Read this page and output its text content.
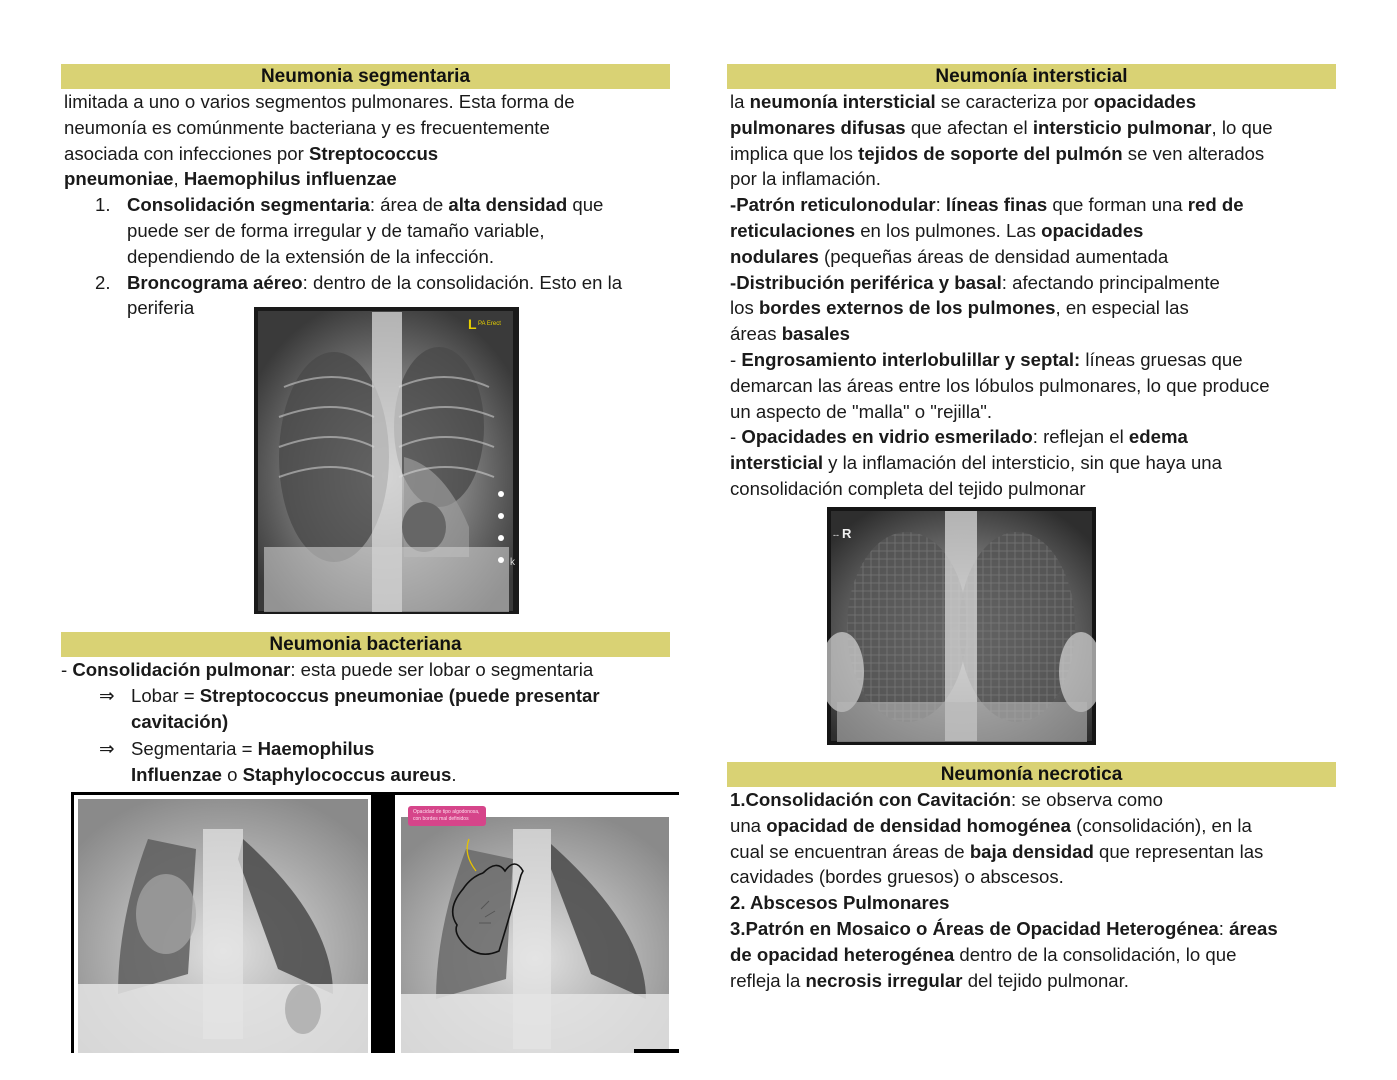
Neumonia segmentaria

limitada a uno o varios segmentos pulmonares. Esta forma de

neumonía es comúnmente bacteriana y es frecuentemente

asociada con infecciones por Streptococcus

pneumoniae, Haemophilus influenzae

1. Consolidación segmentaria: área de alta densidad que
puede ser de forma irregular y de tamaño variable,
dependiendo de la extensión de la infección.
2. Broncograma aéreo: dentro de la consolidación. Esto en la
periferia
L PA Erect
k
Neumonia bacteriana

- Consolidación pulmonar: esta puede ser lobar o segmentaria

⇒ Lobar = Streptococcus pneumoniae (puede presentar
cavitación)
⇒ Segmentaria = Haemophilus
Influenzae o Staphylococcus aureus.
Opacidad de tipo algodonosa, con bordes mal definidos
Neumonía intersticial

la neumonía intersticial se caracteriza por opacidades

pulmonares difusas que afectan el intersticio pulmonar, lo que

implica que los tejidos de soporte del pulmón se ven alterados

por la inflamación.

-Patrón reticulonodular: líneas finas que forman una red de

reticulaciones en los pulmones. Las opacidades

nodulares (pequeñas áreas de densidad aumentada

-Distribución periférica y basal: afectando principalmente

los bordes externos de los pulmones, en especial las

áreas basales

- Engrosamiento interlobulillar y septal: líneas gruesas que

demarcan las áreas entre los lóbulos pulmonares, lo que produce

un aspecto de "malla" o "rejilla".

- Opacidades en vidrio esmerilado: reflejan el edema

intersticial y la inflamación del intersticio, sin que haya una

consolidación completa del tejido pulmonar

-- R
Neumonía necrotica

1.Consolidación con Cavitación: se observa como

una opacidad de densidad homogénea (consolidación), en la

cual se encuentran áreas de baja densidad que representan las

cavidades (bordes gruesos) o abscesos.

2. Abscesos Pulmonares

3.Patrón en Mosaico o Áreas de Opacidad Heterogénea: áreas

de opacidad heterogénea dentro de la consolidación, lo que

refleja la necrosis irregular del tejido pulmonar.
